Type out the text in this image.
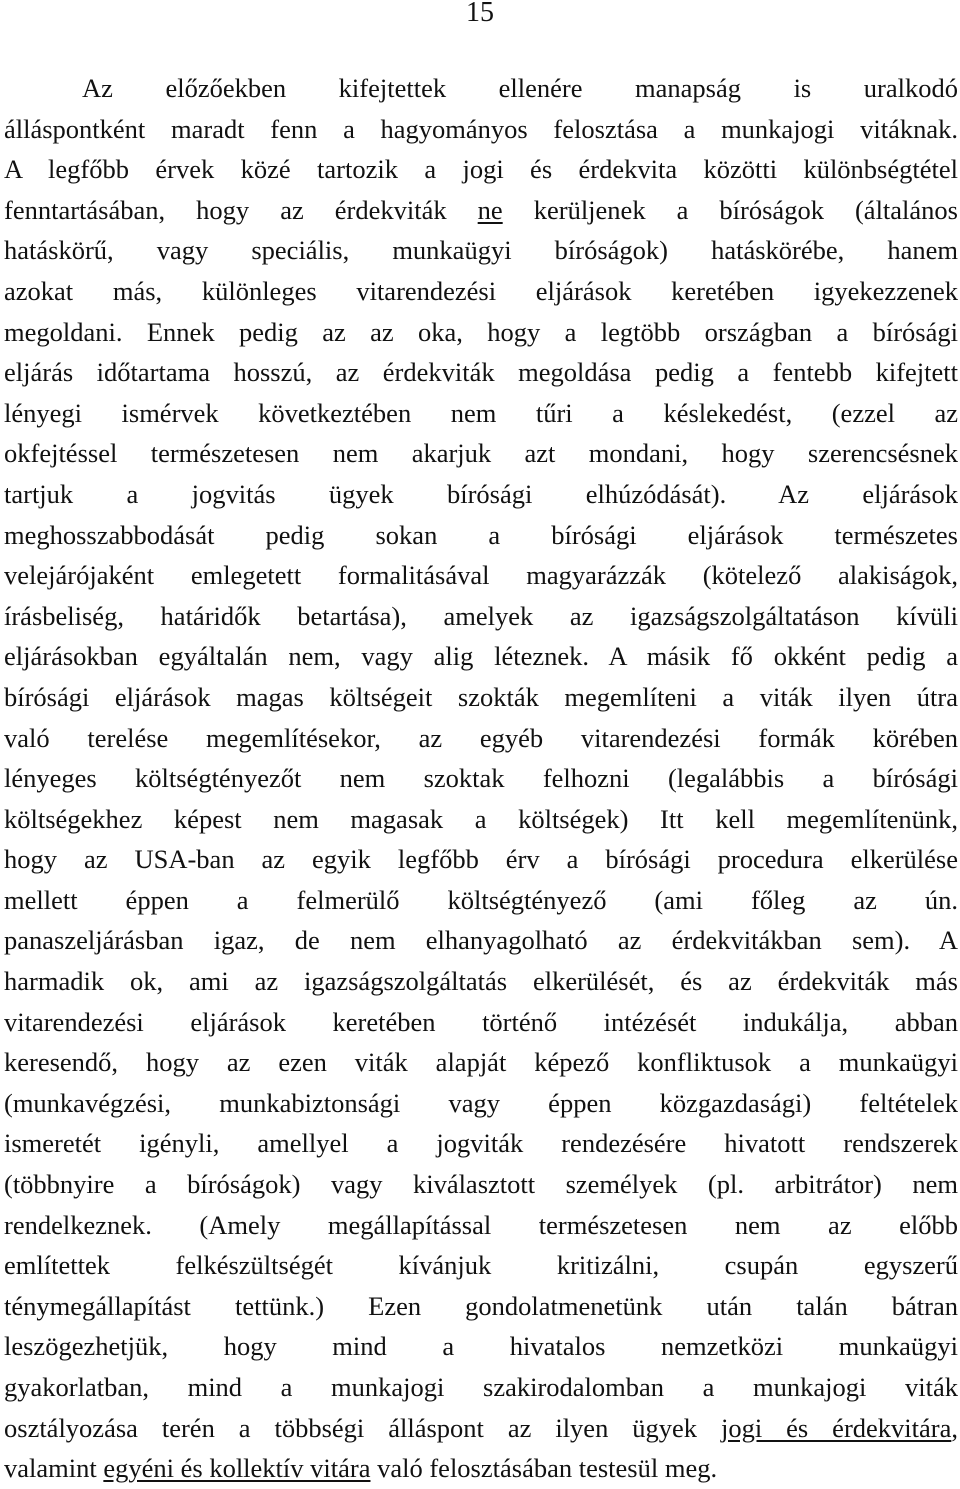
15
Az előzőekben kifejtettek ellenére manapság is uralkodó
álláspontként maradt fenn a hagyományos felosztása a munkajogi vitáknak.
A legfőbb érvek közé tartozik a jogi és érdekvita közötti különbségtétel
fenntartásában, hogy az érdekviták ne kerüljenek a bíróságok (általános
hatáskörű, vagy speciális, munkaügyi bíróságok) hatáskörébe, hanem
azokat más, különleges vitarendezési eljárások keretében igyekezzenek
megoldani. Ennek pedig az az oka, hogy a legtöbb országban a bírósági
eljárás időtartama hosszú, az érdekviták megoldása pedig a fentebb kifejtett
lényegi ismérvek következtében nem tűri a késlekedést, (ezzel az
okfejtéssel természetesen nem akarjuk azt mondani, hogy szerencsésnek
tartjuk a jogvitás ügyek bírósági elhúzódását). Az eljárások
meghosszabbodását pedig sokan a bírósági eljárások természetes
velejárójaként emlegetett formalitásával magyarázzák (kötelező alakiságok,
írásbeliség, határidők betartása), amelyek az igazságszolgáltatáson kívüli
eljárásokban egyáltalán nem, vagy alig léteznek. A másik fő okként pedig a
bírósági eljárások magas költségeit szokták megemlíteni a viták ilyen útra
való terelése megemlítésekor, az egyéb vitarendezési formák körében
lényeges költségtényezőt nem szoktak felhozni (legalábbis a bírósági
költségekhez képest nem magasak a költségek) Itt kell megemlítenünk,
hogy az USA-ban az egyik legfőbb érv a bírósági procedura elkerülése
mellett éppen a felmerülő költségtényező (ami főleg az ún.
panaszeljárásban igaz, de nem elhanyagolható az érdekvitákban sem). A
harmadik ok, ami az igazságszolgáltatás elkerülését, és az érdekviták más
vitarendezési eljárások keretében történő intézését indukálja, abban
keresendő, hogy az ezen viták alapját képező konfliktusok a munkaügyi
(munkavégzési, munkabiztonsági vagy éppen közgazdasági) feltételek
ismeretét igényli, amellyel a jogviták rendezésére hivatott rendszerek
(többnyire a bíróságok) vagy kiválasztott személyek (pl. arbitrátor) nem
rendelkeznek. (Amely megállapítással természetesen nem az előbb
említettek felkészültségét kívánjuk kritizálni, csupán egyszerű
ténymegállapítást tettünk.) Ezen gondolatmenetünk után talán bátran
leszögezhetjük, hogy mind a hivatalos nemzetközi munkaügyi
gyakorlatban, mind a munkajogi szakirodalomban a munkajogi viták
osztályozása terén a többségi álláspont az ilyen ügyek jogi és érdekvitára,
valamint egyéni és kollektív vitára való felosztásában testesül meg.
